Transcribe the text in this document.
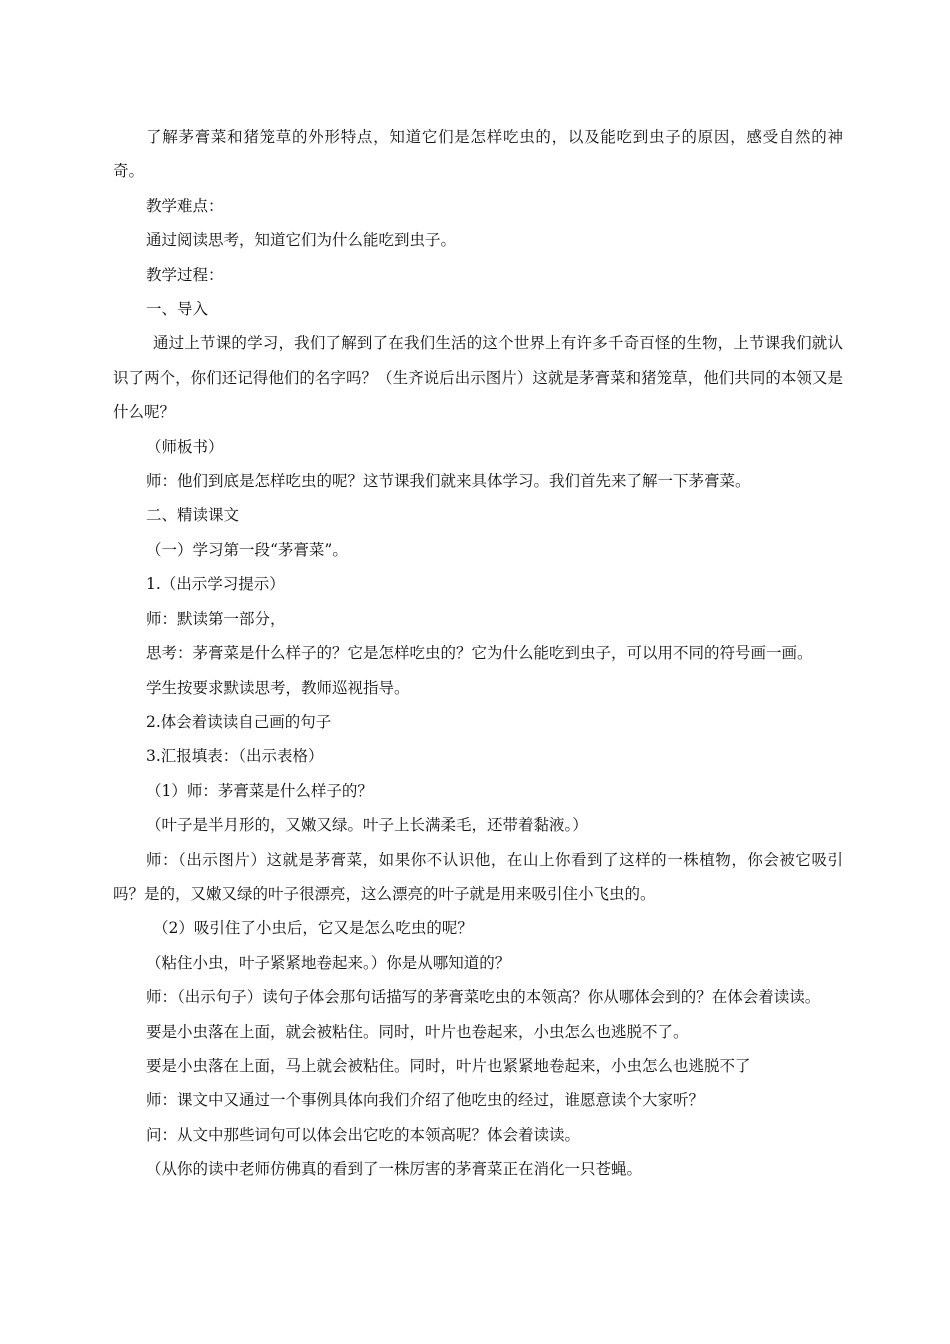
了解茅膏菜和猪笼草的外形特点，知道它们是怎样吃虫的，以及能吃到虫子的原因，感受自然的神奇。

教学难点：

通过阅读思考，知道它们为什么能吃到虫子。

教学过程：

一、导入

通过上节课的学习，我们了解到了在我们生活的这个世界上有许多千奇百怪的生物，上节课我们就认识了两个，你们还记得他们的名字吗？（生齐说后出示图片）这就是茅膏菜和猪笼草，他们共同的本领又是什么呢？

（师板书）

师：他们到底是怎样吃虫的呢？这节课我们就来具体学习。我们首先来了解一下茅膏菜。

二、精读课文

（一）学习第一段“茅膏菜”。

1.（出示学习提示）

师：默读第一部分，

思考：茅膏菜是什么样子的？它是怎样吃虫的？它为什么能吃到虫子，可以用不同的符号画一画。

学生按要求默读思考，教师巡视指导。

2.体会着读读自己画的句子

3.汇报填表：（出示表格）

（1）师：茅膏菜是什么样子的？

（叶子是半月形的，又嫩又绿。叶子上长满柔毛，还带着黏液。）

师：（出示图片）这就是茅膏菜，如果你不认识他，在山上你看到了这样的一株植物，你会被它吸引吗？是的，又嫩又绿的叶子很漂亮，这么漂亮的叶子就是用来吸引住小飞虫的。

（2）吸引住了小虫后，它又是怎么吃虫的呢？

（粘住小虫，叶子紧紧地卷起来。）你是从哪知道的？

师：（出示句子）读句子体会那句话描写的茅膏菜吃虫的本领高？你从哪体会到的？在体会着读读。

要是小虫落在上面，就会被粘住。同时，叶片也卷起来，小虫怎么也逃脱不了。

要是小虫落在上面，马上就会被粘住。同时，叶片也紧紧地卷起来，小虫怎么也逃脱不了

师：课文中又通过一个事例具体向我们介绍了他吃虫的经过，谁愿意读个大家听？

问：从文中那些词句可以体会出它吃的本领高呢？体会着读读。

（从你的读中老师仿佛真的看到了一株厉害的茅膏菜正在消化一只苍蝇。
